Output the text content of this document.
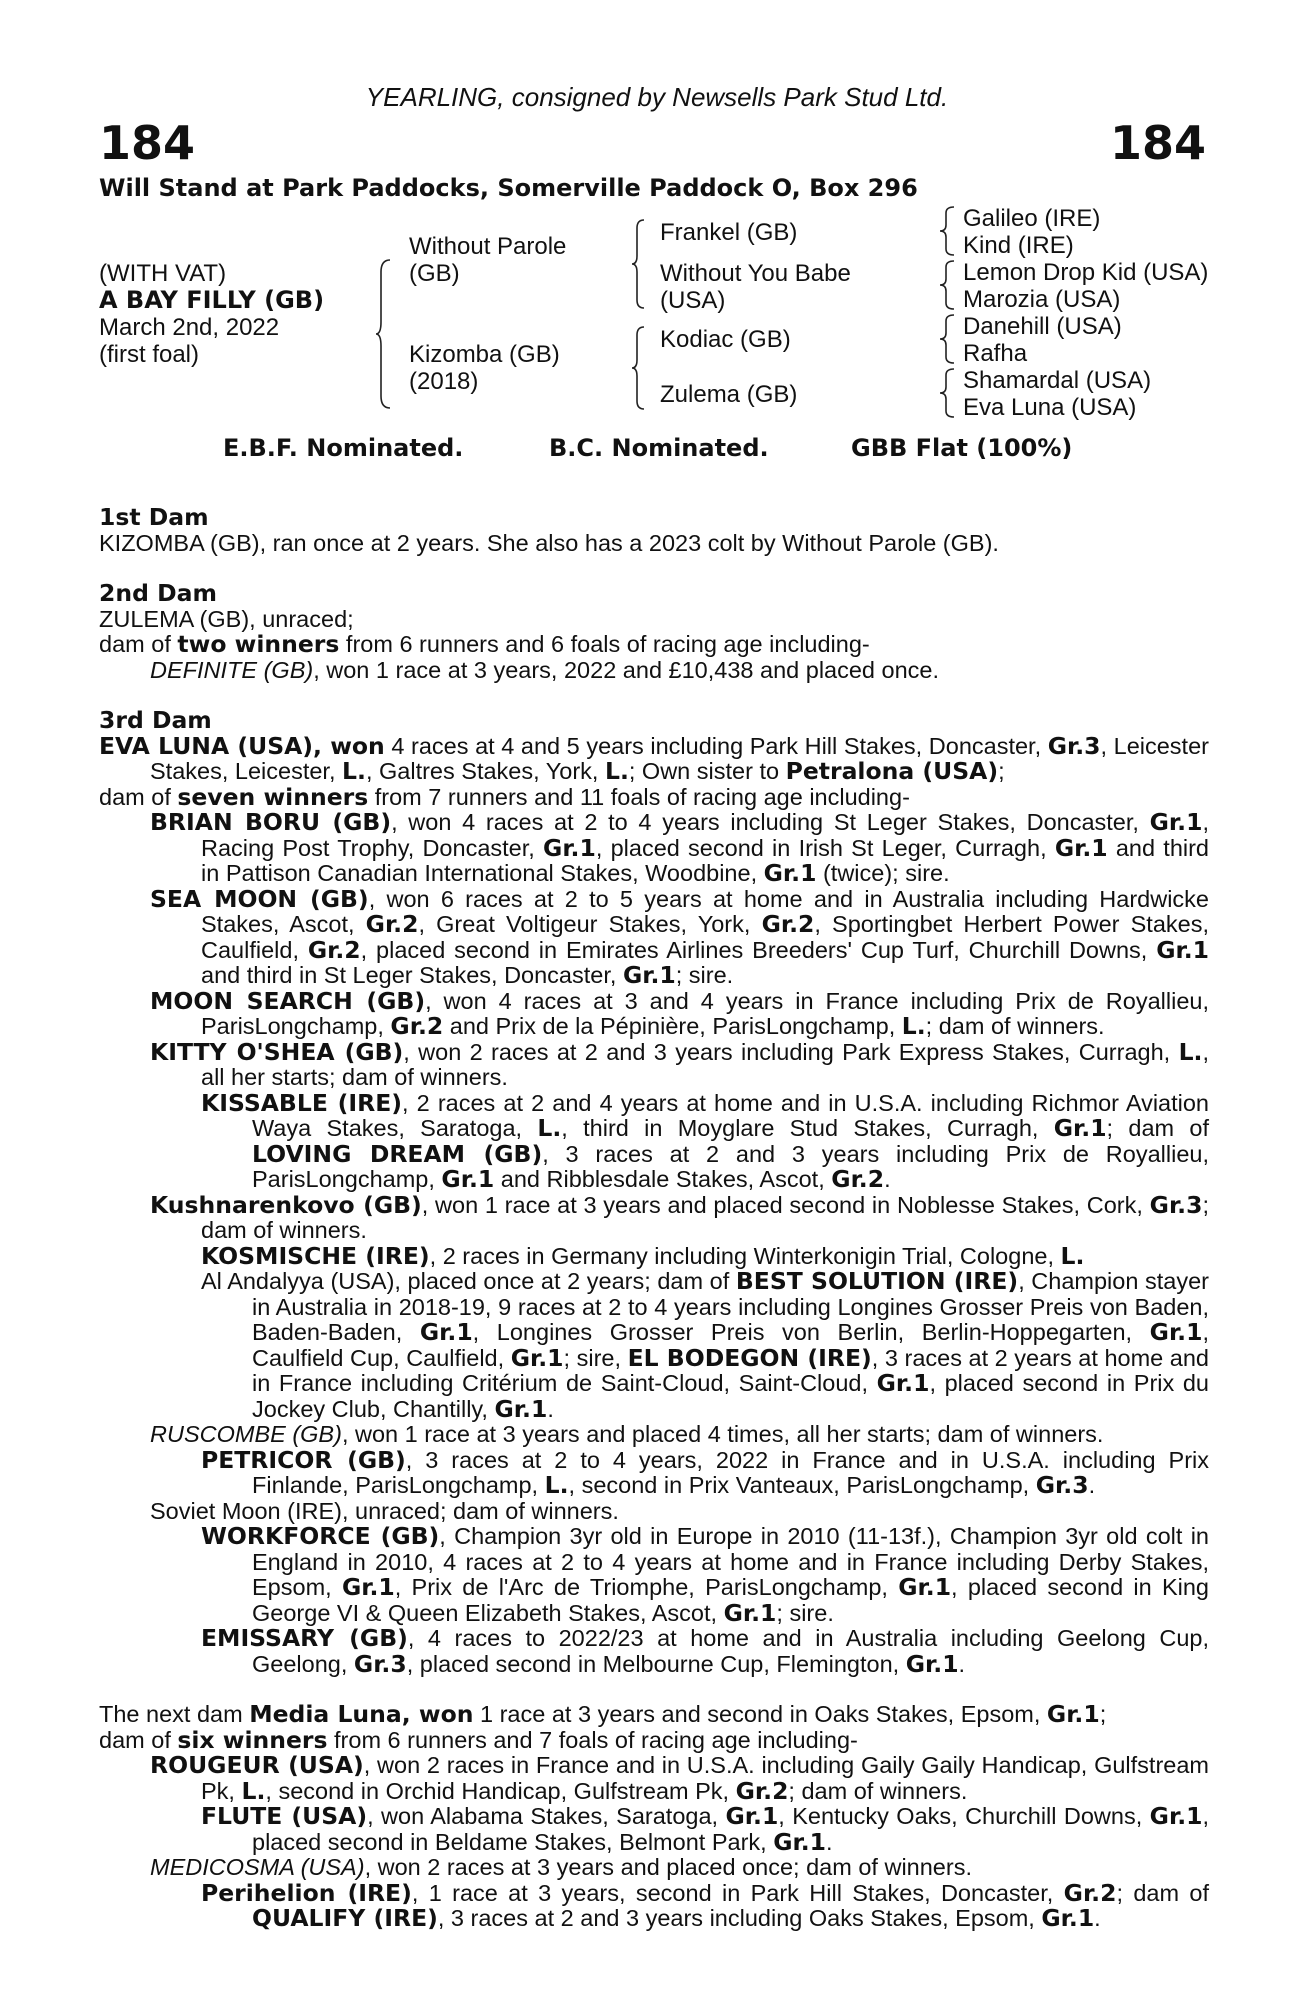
YEARLING, consigned by Newsells Park Stud Ltd.
184	184
Will Stand at Park Paddocks, Somerville Paddock O, Box 296
(WITH VAT)
A BAY FILLY (GB)
March 2nd, 2022
(first foal)
Without Parole
(GB)
Kizomba (GB)
(2018)
Frankel (GB)
Without You Babe
(USA)
Kodiac (GB)
Zulema (GB)
Galileo (IRE)
Kind (IRE)
Lemon Drop Kid (USA)
Marozia (USA)
Danehill (USA)
Rafha
Shamardal (USA)
Eva Luna (USA)
E.B.F. Nominated.	B.C. Nominated.	GBB Flat (100%)

1st Dam

KIZOMBA (GB), ran once at 2 years. She also has a 2023 colt by Without Parole (GB).

2nd Dam

ZULEMA (GB), unraced;

dam of two winners from 6 runners and 6 foals of racing age including-

DEFINITE (GB), won 1 race at 3 years, 2022 and £10,438 and placed once.

3rd Dam

EVA LUNA (USA), won 4 races at 4 and 5 years including Park Hill Stakes, Doncaster, Gr.3, Leicester Stakes, Leicester, L., Galtres Stakes, York, L.; Own sister to Petralona (USA);

dam of seven winners from 7 runners and 11 foals of racing age including-

BRIAN BORU (GB), won 4 races at 2 to 4 years including St Leger Stakes, Doncaster, Gr.1, Racing Post Trophy, Doncaster, Gr.1, placed second in Irish St Leger, Curragh, Gr.1 and third in Pattison Canadian International Stakes, Woodbine, Gr.1 (twice); sire.

SEA MOON (GB), won 6 races at 2 to 5 years at home and in Australia including Hardwicke Stakes, Ascot, Gr.2, Great Voltigeur Stakes, York, Gr.2, Sportingbet Herbert Power Stakes, Caulfield, Gr.2, placed second in Emirates Airlines Breeders' Cup Turf, Churchill Downs, Gr.1 and third in St Leger Stakes, Doncaster, Gr.1; sire.

MOON SEARCH (GB), won 4 races at 3 and 4 years in France including Prix de Royallieu, ParisLongchamp, Gr.2 and Prix de la Pépinière, ParisLongchamp, L.; dam of winners.

KITTY O'SHEA (GB), won 2 races at 2 and 3 years including Park Express Stakes, Curragh, L., all her starts; dam of winners.

KISSABLE (IRE), 2 races at 2 and 4 years at home and in U.S.A. including Richmor Aviation Waya Stakes, Saratoga, L., third in Moyglare Stud Stakes, Curragh, Gr.1; dam of LOVING DREAM (GB), 3 races at 2 and 3 years including Prix de Royallieu, ParisLongchamp, Gr.1 and Ribblesdale Stakes, Ascot, Gr.2.

Kushnarenkovo (GB), won 1 race at 3 years and placed second in Noblesse Stakes, Cork, Gr.3; dam of winners.

KOSMISCHE (IRE), 2 races in Germany including Winterkonigin Trial, Cologne, L.

Al Andalyya (USA), placed once at 2 years; dam of BEST SOLUTION (IRE), Champion stayer in Australia in 2018-19, 9 races at 2 to 4 years including Longines Grosser Preis von Baden, Baden-Baden, Gr.1, Longines Grosser Preis von Berlin, Berlin-Hoppegarten, Gr.1, Caulfield Cup, Caulfield, Gr.1; sire, EL BODEGON (IRE), 3 races at 2 years at home and in France including Critérium de Saint-Cloud, Saint-Cloud, Gr.1, placed second in Prix du Jockey Club, Chantilly, Gr.1.

RUSCOMBE (GB), won 1 race at 3 years and placed 4 times, all her starts; dam of winners.

PETRICOR (GB), 3 races at 2 to 4 years, 2022 in France and in U.S.A. including Prix Finlande, ParisLongchamp, L., second in Prix Vanteaux, ParisLongchamp, Gr.3.

Soviet Moon (IRE), unraced; dam of winners.

WORKFORCE (GB), Champion 3yr old in Europe in 2010 (11-13f.), Champion 3yr old colt in England in 2010, 4 races at 2 to 4 years at home and in France including Derby Stakes, Epsom, Gr.1, Prix de l'Arc de Triomphe, ParisLongchamp, Gr.1, placed second in King George VI & Queen Elizabeth Stakes, Ascot, Gr.1; sire.

EMISSARY (GB), 4 races to 2022/23 at home and in Australia including Geelong Cup, Geelong, Gr.3, placed second in Melbourne Cup, Flemington, Gr.1.

The next dam Media Luna, won 1 race at 3 years and second in Oaks Stakes, Epsom, Gr.1;

dam of six winners from 6 runners and 7 foals of racing age including-

ROUGEUR (USA), won 2 races in France and in U.S.A. including Gaily Gaily Handicap, Gulfstream Pk, L., second in Orchid Handicap, Gulfstream Pk, Gr.2; dam of winners.

FLUTE (USA), won Alabama Stakes, Saratoga, Gr.1, Kentucky Oaks, Churchill Downs, Gr.1, placed second in Beldame Stakes, Belmont Park, Gr.1.

MEDICOSMA (USA), won 2 races at 3 years and placed once; dam of winners.

Perihelion (IRE), 1 race at 3 years, second in Park Hill Stakes, Doncaster, Gr.2; dam of QUALIFY (IRE), 3 races at 2 and 3 years including Oaks Stakes, Epsom, Gr.1.
